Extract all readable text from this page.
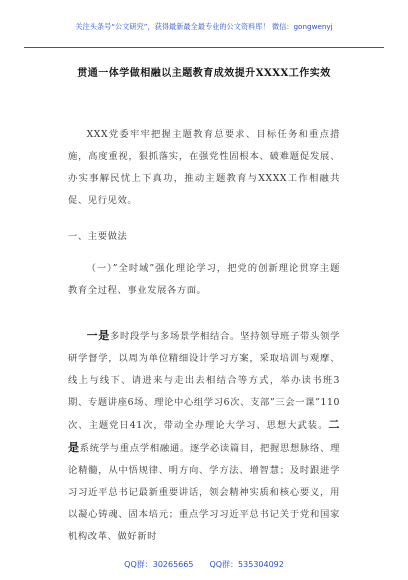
关注头条号“公文研究”，获得最新最全最专业的公文资料库！ 微信：gongwenyj
贯通一体学做相融以主题教育成效提升XXXX工作实效
XXX党委牢牢把握主题教育总要求、目标任务和重点措施，高度重视，狠抓落实，在强党性固根本、破难题促发展、办实事解民忧上下真功，推动主题教育与XXXX工作相融共促、见行见效。
一、主要做法
（一）”全时域”强化理论学习，把党的创新理论贯穿主题教育全过程、事业发展各方面。
一是多时段学与多场景学相结合。坚持领导班子带头领学研学督学，以周为单位精细设计学习方案，采取培训与观摩、线上与线下、请进来与走出去相结合等方式，举办读书班3期、专题讲座6场、理论中心组学习6次、支部”三会一课”110次、主题党日41次，带动全办理论大学习、思想大武装。二是系统学与重点学相融通。逐学必读篇目，把握思想脉络、理论精髓，从中悟规律、明方向、学方法、增智慧；及时跟进学习习近平总书记最新重要讲话，领会精神实质和核心要义，用以凝心铸魂、固本培元；重点学习习近平总书记关于党和国家机构改革、做好新时
QQ群：30265665 QQ群：535304092
